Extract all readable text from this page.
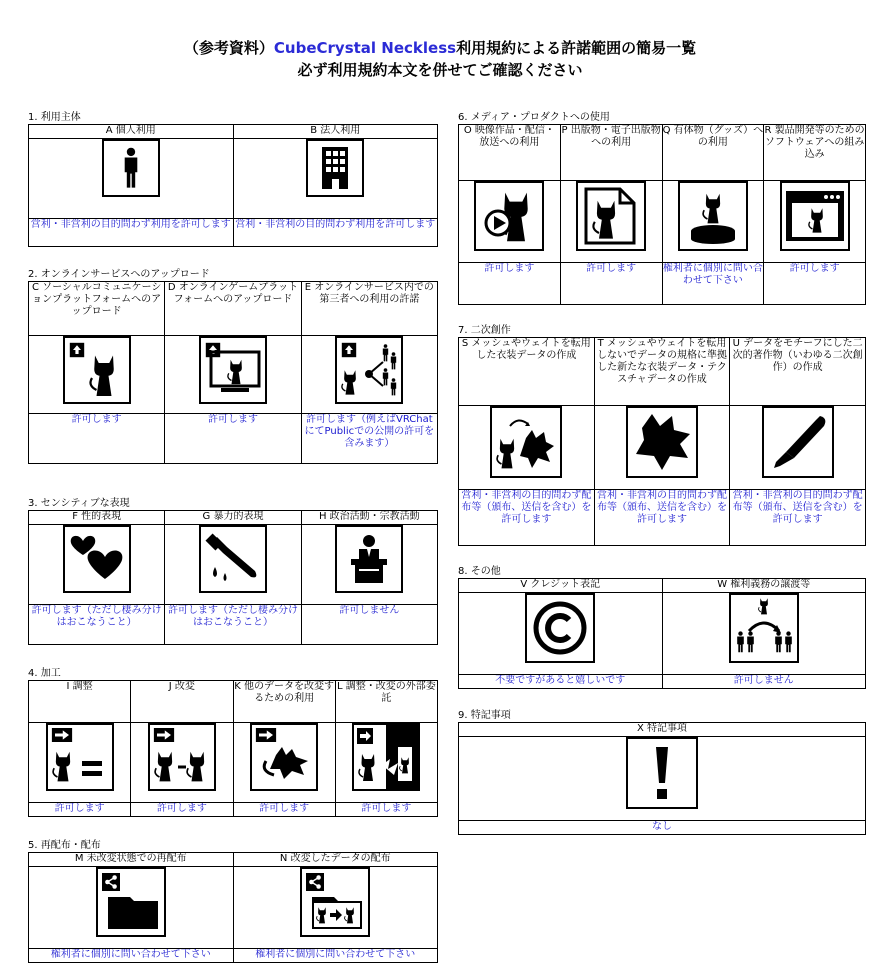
（参考資料）CubeCrystal Neckless利用規約による許諾範囲の簡易一覧
必ず利用規約本文を併せてご確認ください
1. 利用主体
A 個人利用	B 法人利用

営利・非営利の目的問わず利用を許可します	営利・非営利の目的問わず利用を許可します
2. オンラインサービスへのアップロード
C ソーシャルコミュニケーションプラットフォームへのアップロード	D オンラインゲームプラットフォームへのアップロード	E オンラインサービス内での第三者への利用の許諾

許可します	許可します	許可します（例えばVRChatにてPublicでの公開の許可を含みます）
3. センシティブな表現
F 性的表現	G 暴力的表現	H 政治活動・宗教活動

許可します（ただし棲み分けはおこなうこと）	許可します（ただし棲み分けはおこなうこと）	許可しません
4. 加工
I 調整	J 改変	K 他のデータを改変するための利用	L 調整・改変の外部委託

許可します	許可します	許可します	許可します
5. 再配布・配布
M 未改変状態での再配布	N 改変したデータの配布

権利者に個別に問い合わせて下さい	権利者に個別に問い合わせて下さい
6. メディア・プロダクトへの使用
O 映像作品・配信・放送への利用	P 出版物・電子出版物への利用	Q 有体物（グッズ）への利用	R 製品開発等のためのソフトウェアへの組み込み

許可します	許可します	権利者に個別に問い合わせて下さい	許可します
7. 二次創作
S メッシュやウェイトを転用した衣装データの作成	T メッシュやウェイトを転用しないでデータの規格に準拠した新たな衣装データ・テクスチャデータの作成	U データをモチーフにした二次的著作物（いわゆる二次創作）の作成

営利・非営利の目的問わず配布等（頒布、送信を含む）を許可します	営利・非営利の目的問わず配布等（頒布、送信を含む）を許可します	営利・非営利の目的問わず配布等（頒布、送信を含む）を許可します
8. その他
V クレジット表記	W 権利義務の譲渡等

不要ですがあると嬉しいです	許可しません
9. 特記事項
X 特記事項

なし
